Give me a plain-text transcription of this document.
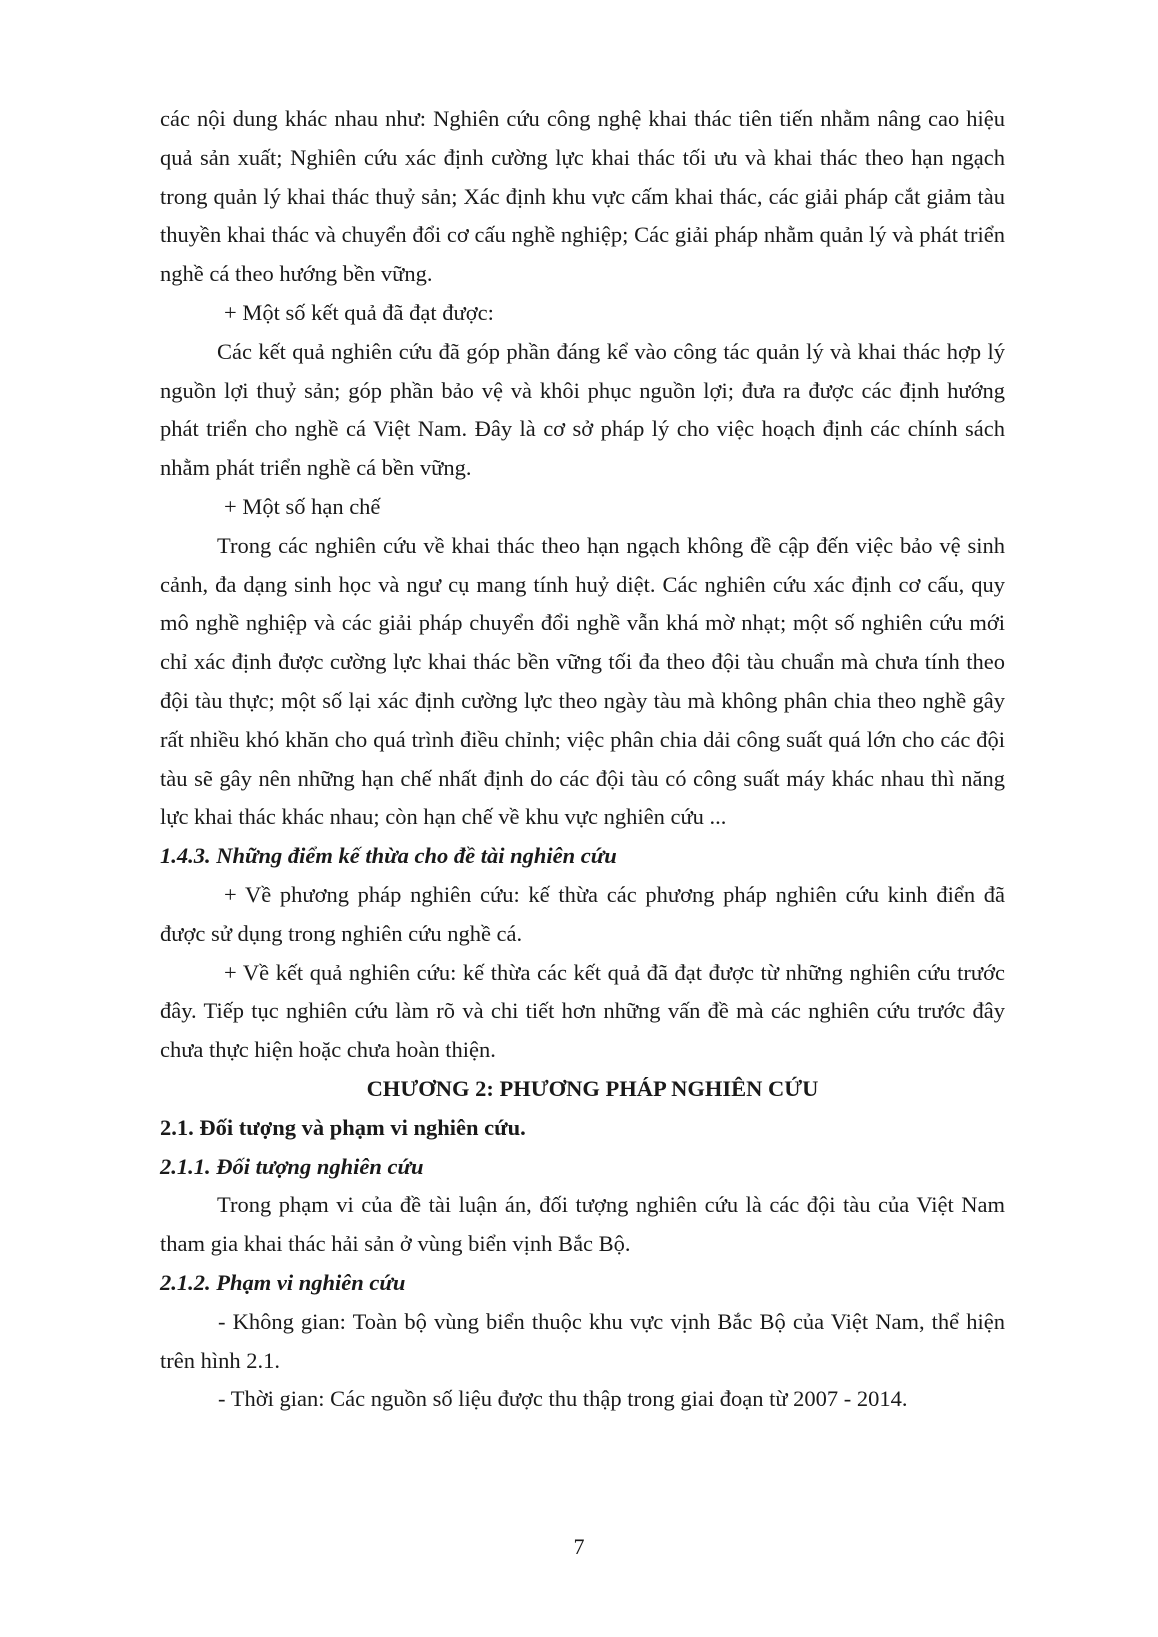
các nội dung khác nhau như: Nghiên cứu công nghệ khai thác tiên tiến nhằm nâng cao hiệu quả sản xuất; Nghiên cứu xác định cường lực khai thác tối ưu và khai thác theo hạn ngạch trong quản lý khai thác thuỷ sản; Xác định khu vực cấm khai thác, các giải pháp cắt giảm tàu thuyền khai thác và chuyển đổi cơ cấu nghề nghiệp; Các giải pháp nhằm quản lý và phát triển nghề cá theo hướng bền vững.

+ Một số kết quả đã đạt được:

Các kết quả nghiên cứu đã góp phần đáng kể vào công tác quản lý và khai thác hợp lý nguồn lợi thuỷ sản; góp phần bảo vệ và khôi phục nguồn lợi; đưa ra được các định hướng phát triển cho nghề cá Việt Nam. Đây là cơ sở pháp lý cho việc hoạch định các chính sách nhằm phát triển nghề cá bền vững.

+ Một số hạn chế

Trong các nghiên cứu về khai thác theo hạn ngạch không đề cập đến việc bảo vệ sinh cảnh, đa dạng sinh học và ngư cụ mang tính huỷ diệt. Các nghiên cứu xác định cơ cấu, quy mô nghề nghiệp và các giải pháp chuyển đổi nghề vẫn khá mờ nhạt; một số nghiên cứu mới chỉ xác định được cường lực khai thác bền vững tối đa theo đội tàu chuẩn mà chưa tính theo đội tàu thực; một số lại xác định cường lực theo ngày tàu mà không phân chia theo nghề gây rất nhiều khó khăn cho quá trình điều chỉnh; việc phân chia dải công suất quá lớn cho các đội tàu sẽ gây nên những hạn chế nhất định do các đội tàu có công suất máy khác nhau thì năng lực khai thác khác nhau; còn hạn chế về khu vực nghiên cứu ...

1.4.3. Những điểm kế thừa cho đề tài nghiên cứu

+ Về phương pháp nghiên cứu: kế thừa các phương pháp nghiên cứu kinh điển đã được sử dụng trong nghiên cứu nghề cá.

+ Về kết quả nghiên cứu: kế thừa các kết quả đã đạt được từ những nghiên cứu trước đây. Tiếp tục nghiên cứu làm rõ và chi tiết hơn những vấn đề mà các nghiên cứu trước đây chưa thực hiện hoặc chưa hoàn thiện.

CHƯƠNG 2: PHƯƠNG PHÁP NGHIÊN CỨU

2.1. Đối tượng và phạm vi nghiên cứu.

2.1.1. Đối tượng nghiên cứu

Trong phạm vi của đề tài luận án, đối tượng nghiên cứu là các đội tàu của Việt Nam tham gia khai thác hải sản ở vùng biển vịnh Bắc Bộ.

2.1.2. Phạm vi nghiên cứu

- Không gian: Toàn bộ vùng biển thuộc khu vực vịnh Bắc Bộ của Việt Nam, thể hiện trên hình 2.1.

- Thời gian: Các nguồn số liệu được thu thập trong giai đoạn từ 2007 - 2014.

7
